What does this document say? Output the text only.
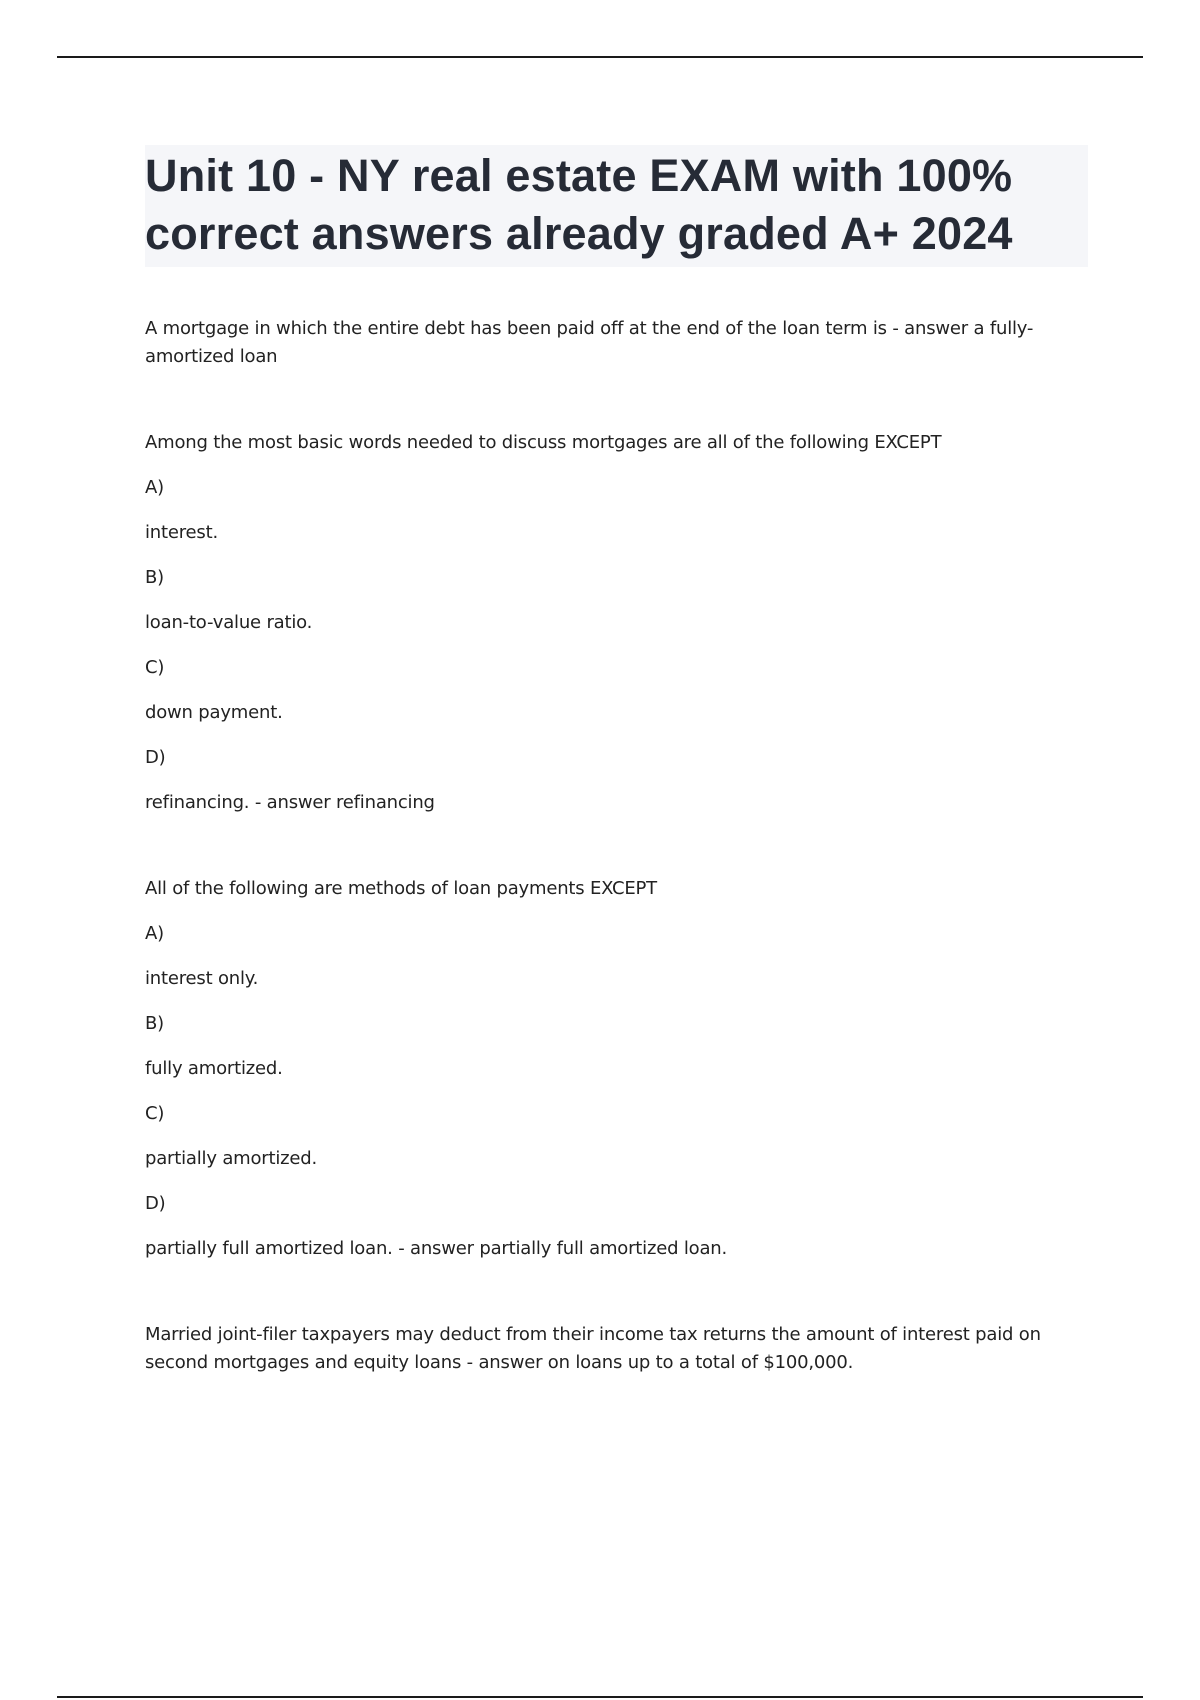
Unit 10 - NY real estate EXAM with 100% correct answers already graded A+ 2024

A mortgage in which the entire debt has been paid off at the end of the loan term is - answer a fully-amortized loan

Among the most basic words needed to discuss mortgages are all of the following EXCEPT

A)

interest.

B)

loan-to-value ratio.

C)

down payment.

D)

refinancing. - answer refinancing

All of the following are methods of loan payments EXCEPT

A)

interest only.

B)

fully amortized.

C)

partially amortized.

D)

partially full amortized loan. - answer partially full amortized loan.

Married joint-filer taxpayers may deduct from their income tax returns the amount of interest paid on second mortgages and equity loans - answer on loans up to a total of $100,000.
